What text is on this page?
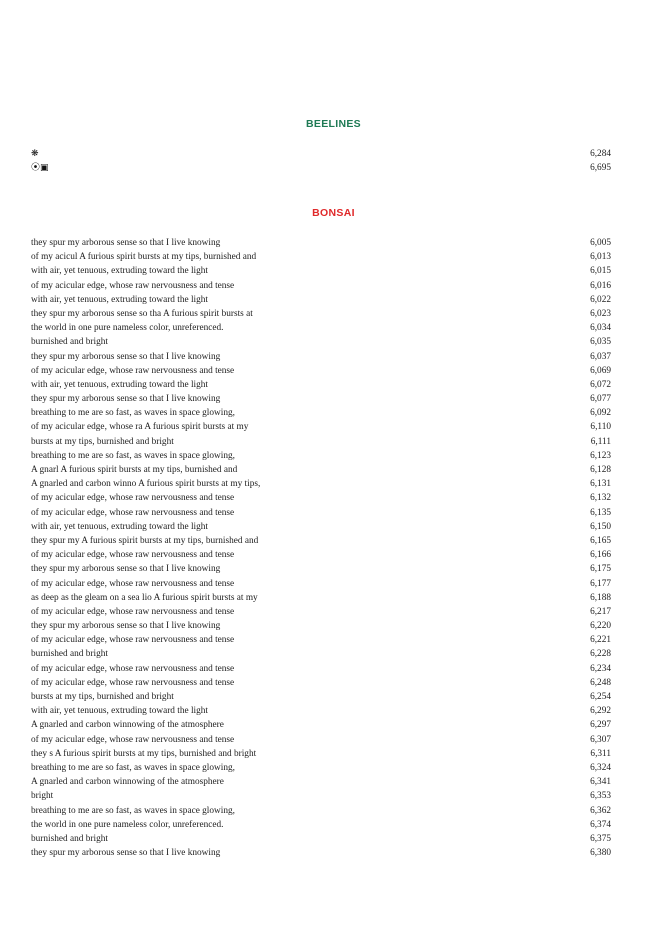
BEELINES
❋	6,284
⦿▣	6,695
BONSAI
they spur my arborous sense so that I live knowing	6,005
of my acicul A furious spirit bursts at my tips, burnished and	6,013
with air, yet tenuous, extruding toward the light	6,015
of my acicular edge, whose raw nervousness and tense	6,016
with air, yet tenuous, extruding toward the light	6,022
they spur my arborous sense so tha A furious spirit bursts at	6,023
the world in one pure nameless color, unreferenced.	6,034
burnished and bright	6,035
they spur my arborous sense so that I live knowing	6,037
of my acicular edge, whose raw nervousness and tense	6,069
with air, yet tenuous, extruding toward the light	6,072
they spur my arborous sense so that I live knowing	6,077
breathing to me are so fast, as waves in space glowing,	6,092
of my acicular edge, whose ra A furious spirit bursts at my	6,110
bursts at my tips, burnished and bright	6,111
breathing to me are so fast, as waves in space glowing,	6,123
A gnarl A furious spirit bursts at my tips, burnished and	6,128
A gnarled and carbon winno A furious spirit bursts at my tips,	6,131
of my acicular edge, whose raw nervousness and tense	6,132
of my acicular edge, whose raw nervousness and tense	6,135
with air, yet tenuous, extruding toward the light	6,150
they spur my A furious spirit bursts at my tips, burnished and	6,165
of my acicular edge, whose raw nervousness and tense	6,166
they spur my arborous sense so that I live knowing	6,175
of my acicular edge, whose raw nervousness and tense	6,177
as deep as the gleam on a sea lio A furious spirit bursts at my	6,188
of my acicular edge, whose raw nervousness and tense	6,217
they spur my arborous sense so that I live knowing	6,220
of my acicular edge, whose raw nervousness and tense	6,221
burnished and bright	6,228
of my acicular edge, whose raw nervousness and tense	6,234
of my acicular edge, whose raw nervousness and tense	6,248
bursts at my tips, burnished and bright	6,254
with air, yet tenuous, extruding toward the light	6,292
A gnarled and carbon winnowing of the atmosphere	6,297
of my acicular edge, whose raw nervousness and tense	6,307
they s A furious spirit bursts at my tips, burnished and bright	6,311
breathing to me are so fast, as waves in space glowing,	6,324
A gnarled and carbon winnowing of the atmosphere	6,341
bright	6,353
breathing to me are so fast, as waves in space glowing,	6,362
the world in one pure nameless color, unreferenced.	6,374
burnished and bright	6,375
they spur my arborous sense so that I live knowing	6,380
